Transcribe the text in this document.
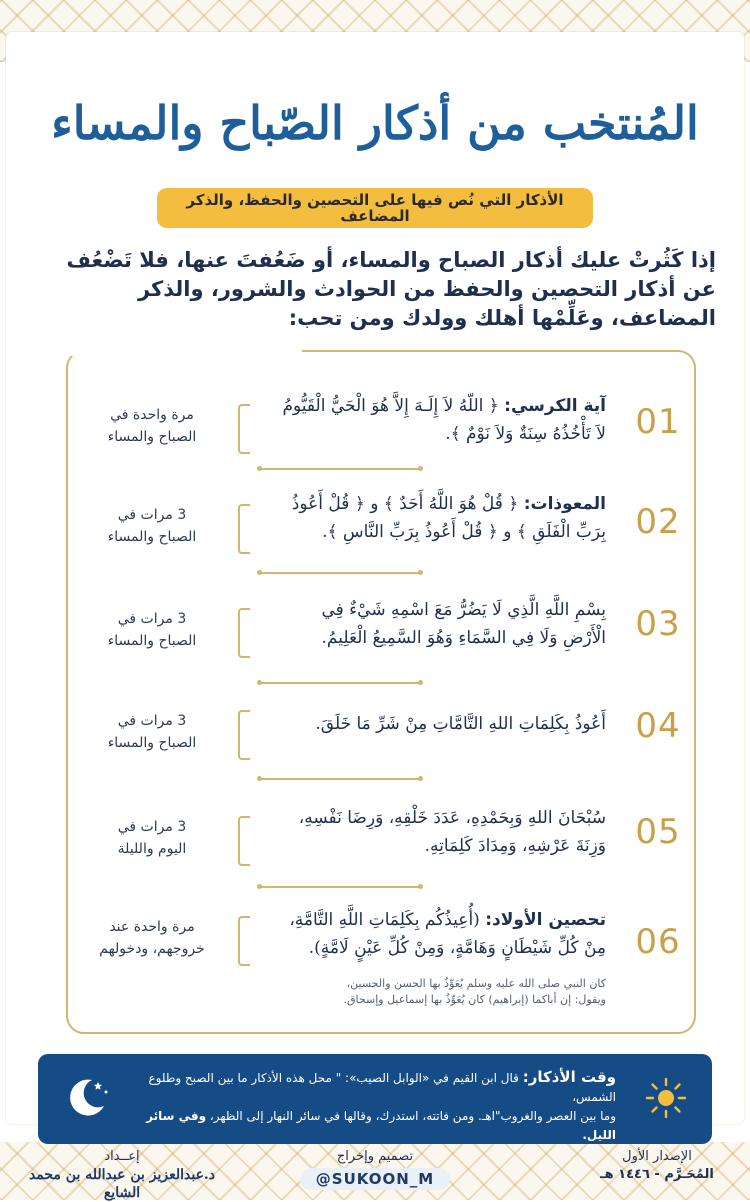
المُنتخب من أذكار الصّباح والمساء
الأذكار التي نُص فيها على التحصين والحفظ، والذكر المضاعف
إذا كَثُرتْ عليك أذكار الصباح والمساء، أو ضَعُفتَ عنها، فلا تَضْعُف عن أذكار التحصين والحفظ من الحوادث والشرور، والذكر المضاعف، وعَلِّمْها أهلك وولدك ومن تحب:
01
آية الكرسي: ﴿ اللّهُ لاَ إِلَـهَ إِلاَّ هُوَ الْحَيُّ الْقَيُّومُ لاَ تَأْخُذُهُ سِنَةٌ وَلاَ نَوْمٌ ﴾.
مرة واحدة في
الصباح والمساء
02
المعوذات: ﴿ قُلْ هُوَ اللَّهُ أَحَدٌ ﴾ و ﴿ قُلْ أَعُوذُ بِرَبِّ الْفَلَقِ ﴾ و ﴿ قُلْ أَعُوذُ بِرَبِّ النَّاسِ ﴾.
3 مرات في
الصباح والمساء
03
بِسْمِ اللَّهِ الَّذِي لَا يَضُرُّ مَعَ اسْمِهِ شَيْءٌ فِي الْأَرْضِ وَلَا فِي السَّمَاءِ وَهُوَ السَّمِيعُ الْعَلِيمُ.
3 مرات في
الصباح والمساء
04
أَعُوذُ بِكَلِمَاتِ اللهِ التَّامَّاتِ مِنْ شَرِّ مَا خَلَقَ.
3 مرات في
الصباح والمساء
05
سُبْحَانَ اللهِ وَبِحَمْدِهِ، عَدَدَ خَلْقِهِ، وَرِضَا نَفْسِهِ، وَزِنَةَ عَرْشِهِ، وَمِدَادَ كَلِمَاتِهِ.
3 مرات في
اليوم والليلة
06
تحصين الأولاد: (أُعِيذُكُم بِكَلِمَاتِ اللَّهِ التَّامَّةِ، مِنْ كُلِّ شَيْطَانٍ وَهَامَّةٍ، وَمِنْ كُلِّ عَيْنٍ لَامَّةٍ).
مرة واحدة عند
خروجهم، ودخولهم
كان النبي صلى الله عليه وسلم يُعَوِّذُ بها الحسن والحسين،
ويقول: إن أباكما (إبراهيم) كان يُعَوِّذُ بها إسماعيل وإسحاق.
وقت الأذكار: قال ابن القيم في «الوابل الصيب»: " محل هذه الأذكار ما بين الصبح وطلوع الشمس،
وما بين العصر والغروب"اهـ. ومن فاتته، استدرك، وقالها في سائر النهار إلى الظهر، وفي سائر الليل.
الإصدار الأول
المُحَـرَّم - ١٤٤٦ هـ
تصميم وإخراج
@SUKOON_M
إعــداد
د.عبدالعزيز بن عبدالله بن محمد الشايع
